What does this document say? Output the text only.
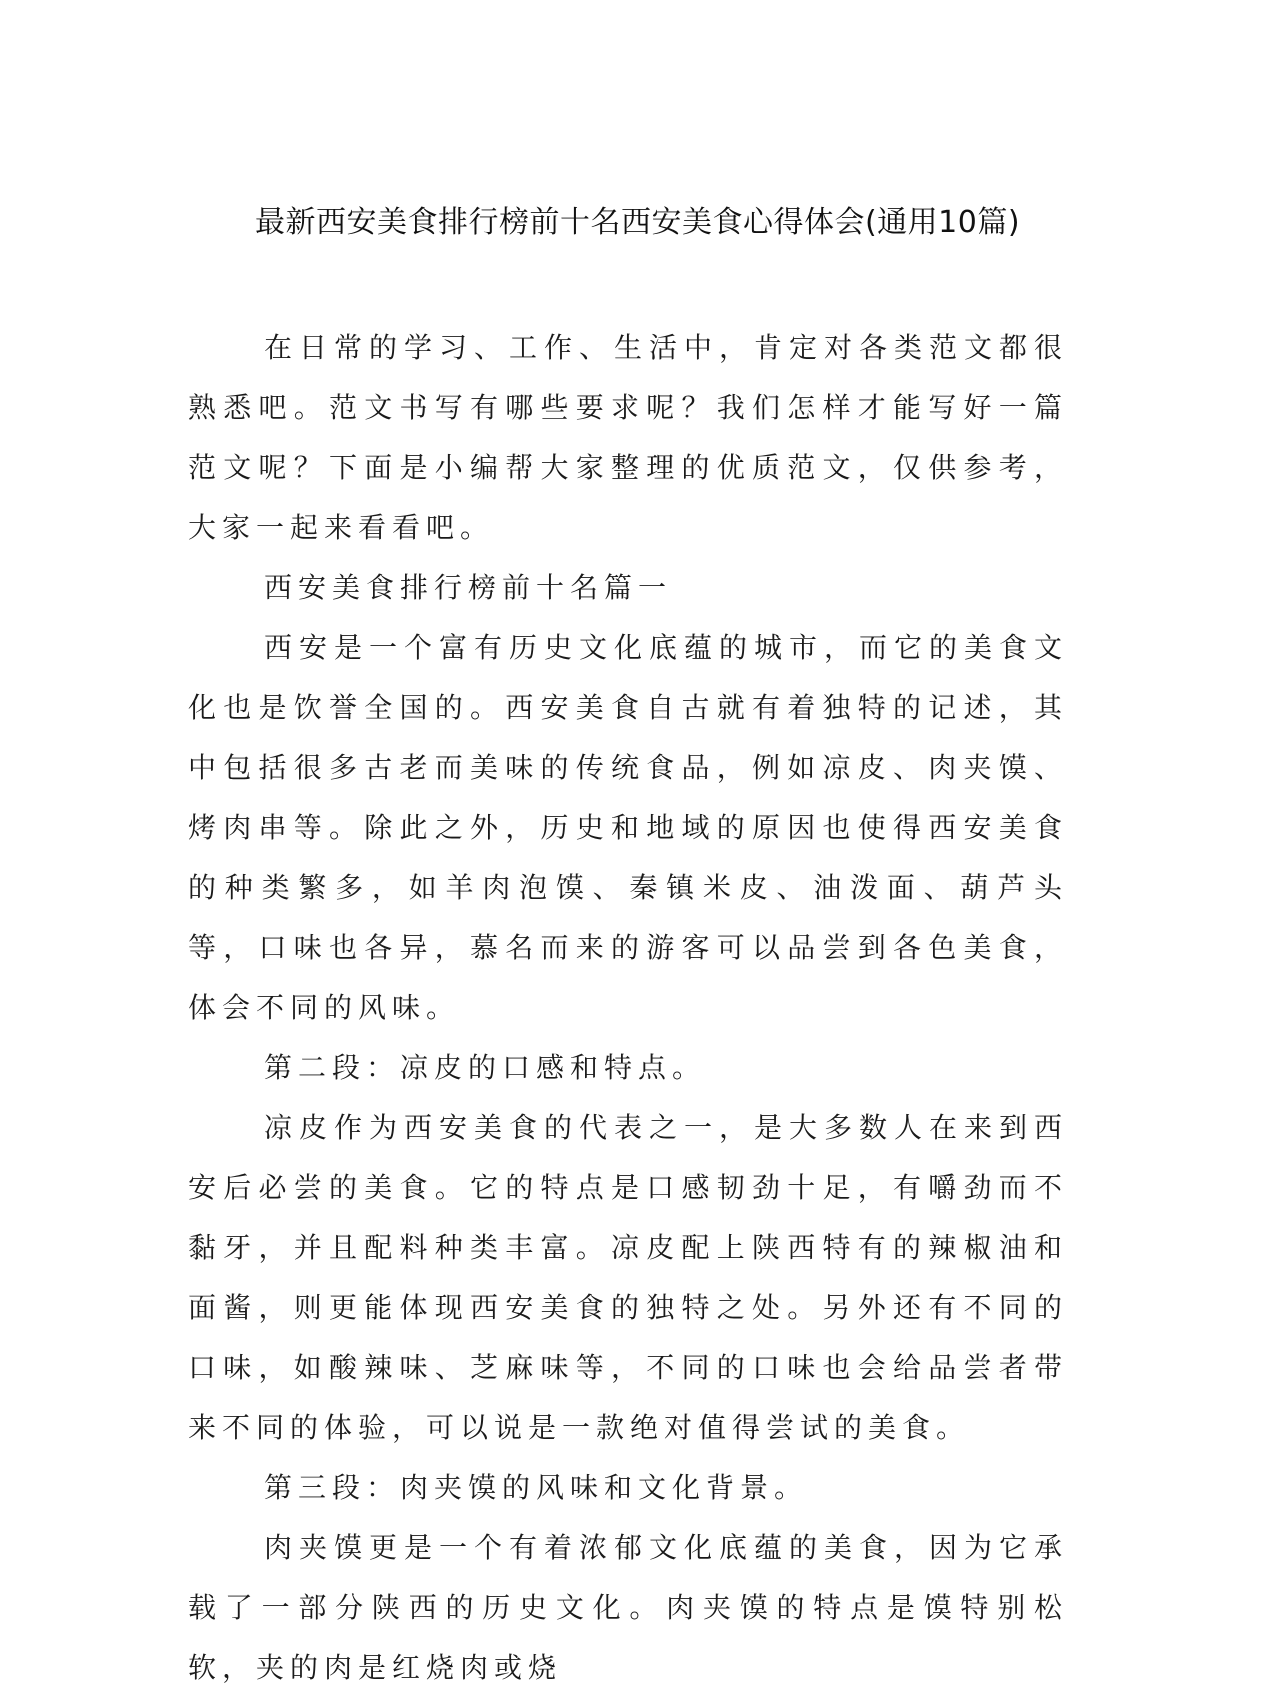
最新西安美食排行榜前十名西安美食心得体会(通用10篇)

在日常的学习、工作、生活中，肯定对各类范文都很熟悉吧。范文书写有哪些要求呢？我们怎样才能写好一篇范文呢？下面是小编帮大家整理的优质范文，仅供参考，大家一起来看看吧。

西安美食排行榜前十名篇一

西安是一个富有历史文化底蕴的城市，而它的美食文化也是饮誉全国的。西安美食自古就有着独特的记述，其中包括很多古老而美味的传统食品，例如凉皮、肉夹馍、烤肉串等。除此之外，历史和地域的原因也使得西安美食的种类繁多，如羊肉泡馍、秦镇米皮、油泼面、葫芦头等，口味也各异，慕名而来的游客可以品尝到各色美食，体会不同的风味。

第二段：凉皮的口感和特点。

凉皮作为西安美食的代表之一，是大多数人在来到西安后必尝的美食。它的特点是口感韧劲十足，有嚼劲而不黏牙，并且配料种类丰富。凉皮配上陕西特有的辣椒油和面酱，则更能体现西安美食的独特之处。另外还有不同的口味，如酸辣味、芝麻味等，不同的口味也会给品尝者带来不同的体验，可以说是一款绝对值得尝试的美食。

第三段：肉夹馍的风味和文化背景。

肉夹馍更是一个有着浓郁文化底蕴的美食，因为它承载了一部分陕西的历史文化。肉夹馍的特点是馍特别松软，夹的肉是红烧肉或烧
